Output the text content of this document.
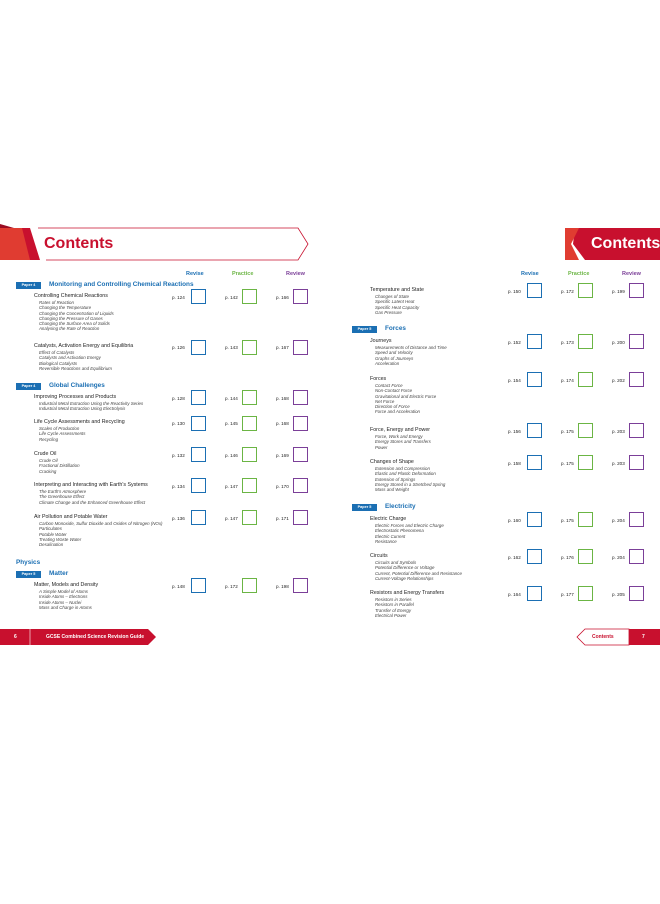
Contents	Contents
Revise	Practice	Review	Revise	Practice	Review
Paper 4	Monitoring and Controlling Chemical Reactions
Controlling Chemical Reactions
Rates of Reaction
Changing the Temperature
Changing the Concentration of Liquids
Changing the Pressure of Gases
Changing the Surface Area of Solids
Analysing the Rate of Reaction
p. 124	p. 142	p. 166
Catalysts, Activation Energy and Equilibria
Effect of Catalysts
Catalysts and Activation Energy
Biological Catalysts
Reversible Reactions and Equilibrium
p. 126	p. 143	p. 167
Paper 4	Global Challenges
Improving Processes and Products
Industrial Metal Extraction Using the Reactivity Series
Industrial Metal Extraction Using Electrolysis
p. 128	p. 144	p. 168
Life Cycle Assessments and Recycling
Scales of Production
Life Cycle Assessments
Recycling
p. 130	p. 145	p. 168
Crude Oil
Crude Oil
Fractional Distillation
Cracking
p. 132	p. 146	p. 169
Interpreting and Interacting with Earth's Systems
The Earth's Atmosphere
The Greenhouse Effect
Climate Change and the Enhanced Greenhouse Effect
p. 134	p. 147	p. 170
Air Pollution and Potable Water
Carbon Monoxide, Sulfur Dioxide and Oxides of Nitrogen (NOx)
Particulates
Potable Water
Treating Waste Water
Desalination
p. 136	p. 147	p. 171
Physics
Paper 5	Matter
Matter, Models and Density
A Simple Model of Atoms
Inside Atoms – Electrons
Inside Atoms – Nuclei
Mass and Charge in Atoms
p. 148	p. 172	p. 198
6	GCSE Combined Science Revision Guide
Temperature and State
Changes of State
Specific Latent Heat
Specific Heat Capacity
Gas Pressure
p. 150	p. 172	p. 199
Paper 5	Forces
Journeys
Measurements of Distance and Time
Speed and Velocity
Graphs of Journeys
Acceleration
p. 152	p. 173	p. 200
Forces
Contact Force
Non-Contact Force
Gravitational and Electric Force
Net Force
Direction of Force
Force and Acceleration
p. 154	p. 174	p. 202
Force, Energy and Power
Force, Work and Energy
Energy Stores and Transfers
Power
p. 156	p. 175	p. 203
Changes of Shape
Extension and Compression
Elastic and Plastic Deformation
Extension of Springs
Energy Stored in a Stretched Spring
Mass and Weight
p. 158	p. 175	p. 203
Paper 5	Electricity
Electric Charge
Electric Forces and Electric Charge
Electrostatic Phenomena
Electric Current
Resistance
p. 160	p. 175	p. 204
Circuits
Circuits and Symbols
Potential Difference or Voltage
Current, Potential Difference and Resistance
Current-Voltage Relationships
p. 162	p. 176	p. 204
Resistors and Energy Transfers
Resistors in Series
Resistors in Parallel
Transfer of Energy
Electrical Power
p. 164	p. 177	p. 205
Contents	7
